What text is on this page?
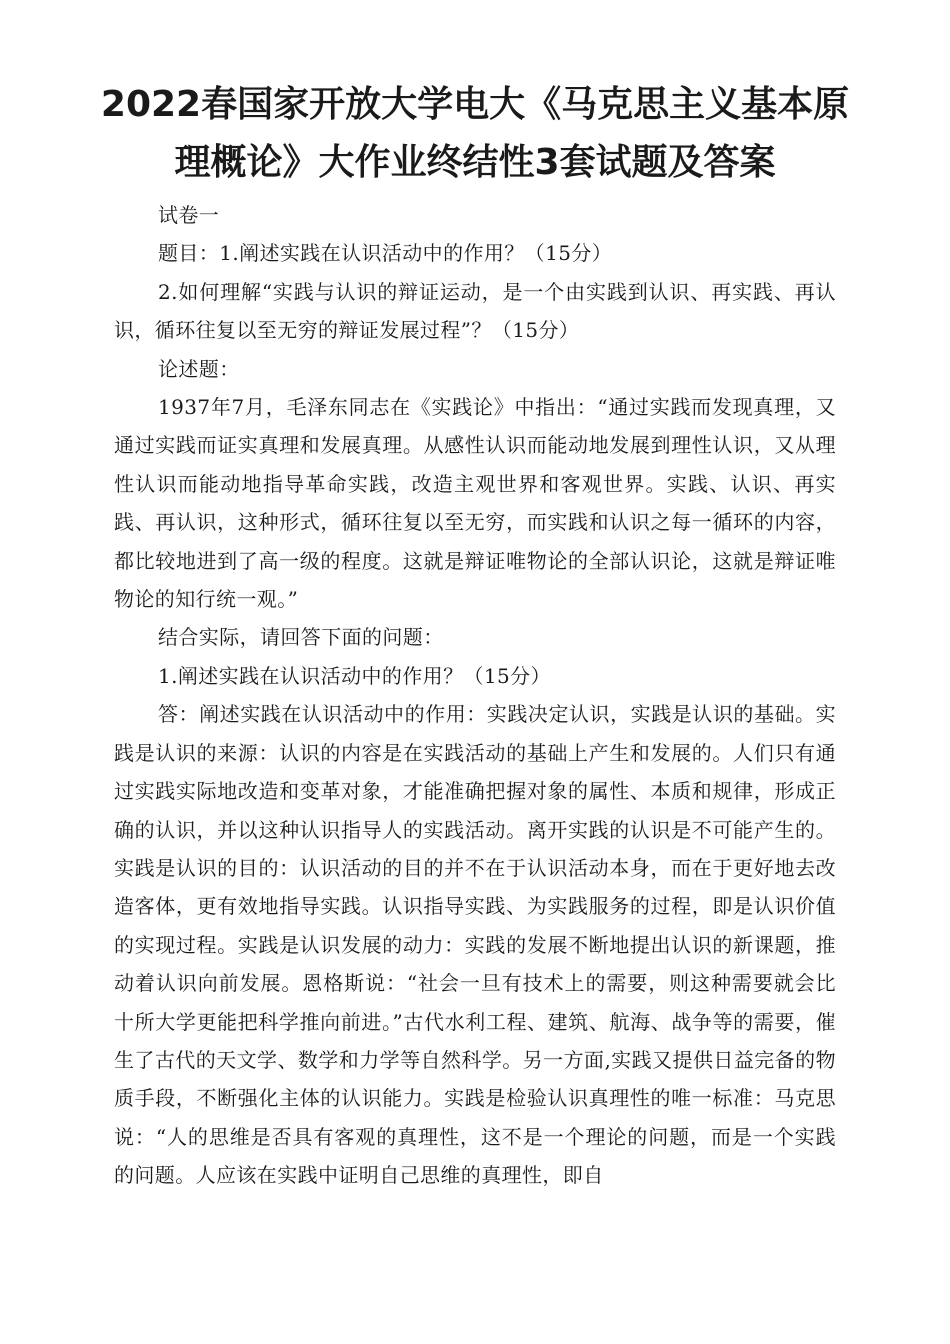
2022春国家开放大学电大《马克思主义基本原
理概论》大作业终结性3套试题及答案

试卷一

题目：1.阐述实践在认识活动中的作用？（15分）

2.如何理解“实践与认识的辩证运动，是一个由实践到认识、再实践、再认识，循环往复以至无穷的辩证发展过程”？（15分）

论述题：

1937年7月，毛泽东同志在《实践论》中指出：“通过实践而发现真理，又通过实践而证实真理和发展真理。从感性认识而能动地发展到理性认识，又从理性认识而能动地指导革命实践，改造主观世界和客观世界。实践、认识、再实践、再认识，这种形式，循环往复以至无穷，而实践和认识之每一循环的内容，都比较地进到了高一级的程度。这就是辩证唯物论的全部认识论，这就是辩证唯物论的知行统一观。”

结合实际，请回答下面的问题：

1.阐述实践在认识活动中的作用？（15分）

答：阐述实践在认识活动中的作用：实践决定认识，实践是认识的基础。实践是认识的来源：认识的内容是在实践活动的基础上产生和发展的。人们只有通过实践实际地改造和变革对象，才能准确把握对象的属性、本质和规律，形成正确的认识，并以这种认识指导人的实践活动。离开实践的认识是不可能产生的。实践是认识的目的：认识活动的目的并不在于认识活动本身，而在于更好地去改造客体，更有效地指导实践。认识指导实践、为实践服务的过程，即是认识价值的实现过程。实践是认识发展的动力：实践的发展不断地提出认识的新课题，推动着认识向前发展。恩格斯说：“社会一旦有技术上的需要，则这种需要就会比十所大学更能把科学推向前进。”古代水利工程、建筑、航海、战争等的需要，催生了古代的天文学、数学和力学等自然科学。另一方面,实践又提供日益完备的物质手段，不断强化主体的认识能力。实践是检验认识真理性的唯一标准：马克思说：“人的思维是否具有客观的真理性，这不是一个理论的问题，而是一个实践的问题。人应该在实践中证明自己思维的真理性，即自
